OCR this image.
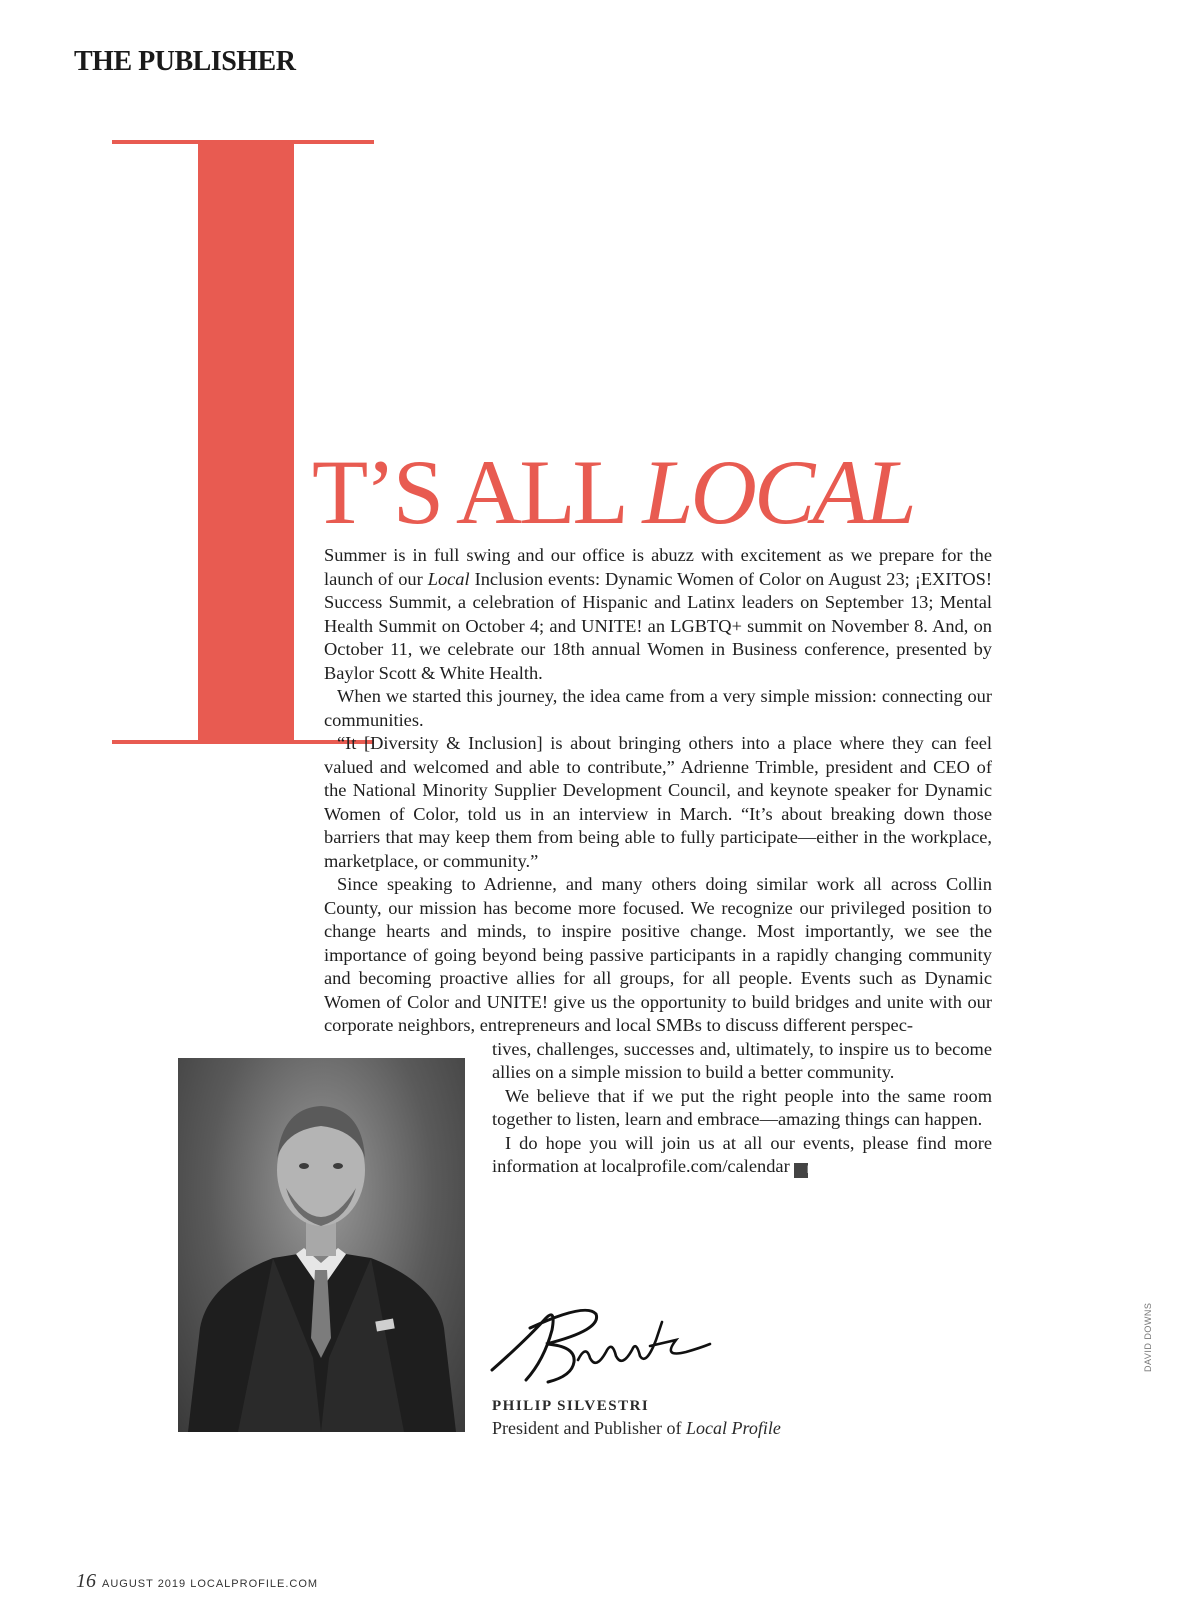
THE PUBLISHER
T’S ALL LOCAL

Summer is in full swing and our office is abuzz with excitement as we prepare for the launch of our Local Inclusion events: Dynamic Women of Color on August 23; ¡EXITOS! Success Summit, a celebration of Hispanic and Latinx leaders on September 13; Mental Health Summit on October 4; and UNITE! an LGBTQ+ summit on November 8. And, on October 11, we celebrate our 18th annual Women in Business conference, presented by Baylor Scott & White Health.

When we started this journey, the idea came from a very simple mission: connecting our communities.

“It [Diversity & Inclusion] is about bringing others into a place where they can feel valued and welcomed and able to contribute,” Adrienne Trimble, president and CEO of the National Minority Supplier Development Council, and keynote speaker for Dynamic Women of Color, told us in an interview in March. “It’s about breaking down those barriers that may keep them from being able to fully participate—either in the workplace, marketplace, or community.”

Since speaking to Adrienne, and many others doing similar work all across Collin County, our mission has become more focused. We recognize our privileged position to change hearts and minds, to inspire positive change. Most importantly, we see the importance of going beyond being passive participants in a rapidly changing community and becoming proactive allies for all groups, for all people. Events such as Dynamic Women of Color and UNITE! give us the opportunity to build bridges and unite with our corporate neighbors, entrepreneurs and local SMBs to discuss different perspec-

tives, challenges, successes and, ultimately, to inspire us to become allies on a simple mission to build a better community.

We believe that if we put the right people into the same room together to listen, learn and embrace—amazing things can happen.

I do hope you will join us at all our events, please find more information at localprofile.com/calendar L

PHILIP SILVESTRI
President and Publisher of Local Profile
DAVID DOWNS
16 AUGUST 2019 LOCALPROFILE.COM
